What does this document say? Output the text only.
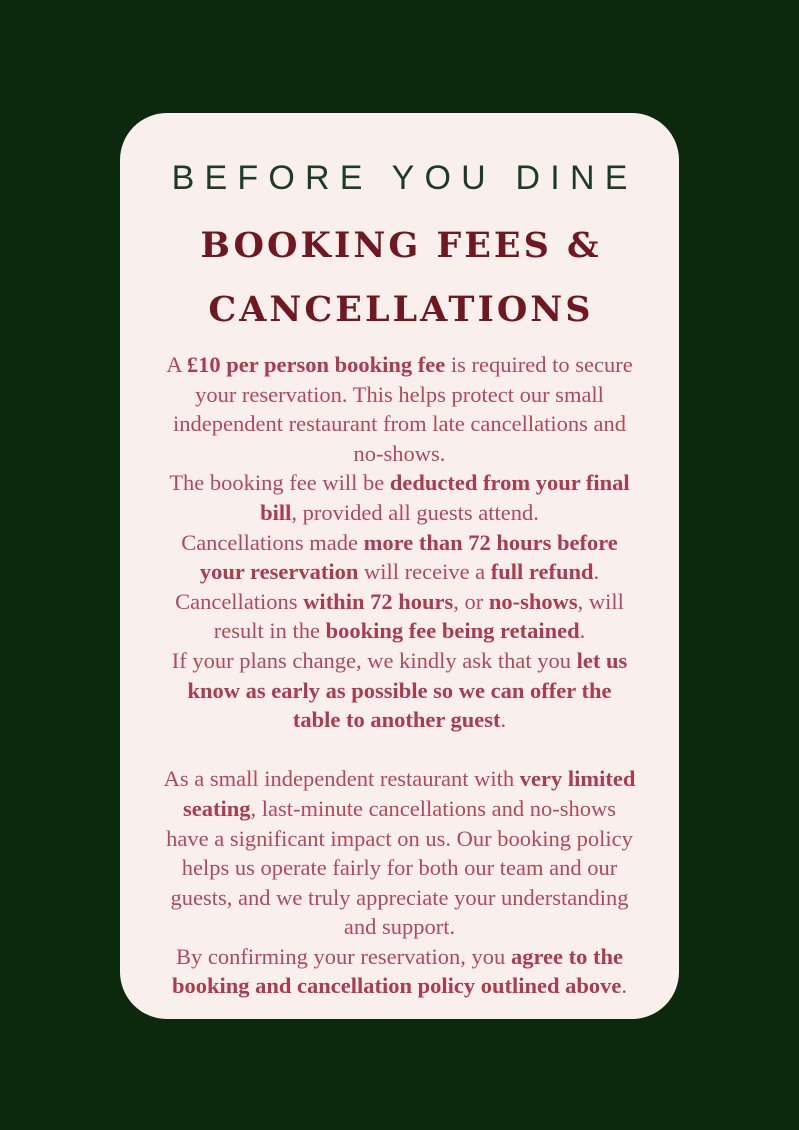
BEFORE YOU DINE
BOOKING FEES &
CANCELLATIONS
A £10 per person booking fee is required to secure
your reservation. This helps protect our small
independent restaurant from late cancellations and
no-shows.
The booking fee will be deducted from your final
bill, provided all guests attend.
Cancellations made more than 72 hours before
your reservation will receive a full refund.
Cancellations within 72 hours, or no-shows, will
result in the booking fee being retained.
If your plans change, we kindly ask that you let us
know as early as possible so we can offer the
table to another guest.
As a small independent restaurant with very limited
seating, last-minute cancellations and no-shows
have a significant impact on us. Our booking policy
helps us operate fairly for both our team and our
guests, and we truly appreciate your understanding
and support.
By confirming your reservation, you agree to the
booking and cancellation policy outlined above.
